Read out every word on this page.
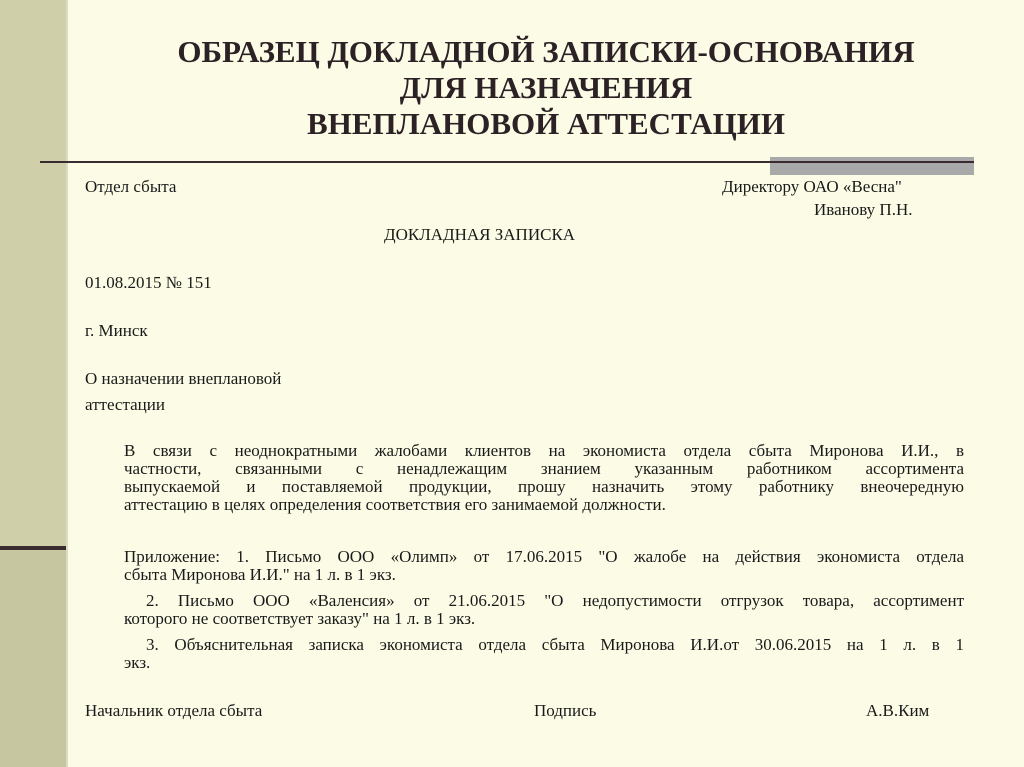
ОБРАЗЕЦ ДОКЛАДНОЙ ЗАПИСКИ-ОСНОВАНИЯ
ДЛЯ НАЗНАЧЕНИЯ
ВНЕПЛАНОВОЙ АТТЕСТАЦИИ
Отдел сбыта	Директору ОАО «Весна"
Иванову П.Н.
ДОКЛАДНАЯ ЗАПИСКА
01.08.2015 № 151
г. Минск
О назначении внеплановой
аттестации
В связи с неоднократными жалобами клиентов на экономиста отдела сбыта Миронова И.И., в
частности, связанными с ненадлежащим знанием указанным работником ассортимента
выпускаемой и поставляемой продукции, прошу назначить этому работнику внеочередную
аттестацию в целях определения соответствия его занимаемой должности.
Приложение: 1. Письмо ООО «Олимп» от 17.06.2015 "О жалобе на действия экономиста отдела
сбыта Миронова И.И." на 1 л. в 1 экз.
2. Письмо ООО «Валенсия» от 21.06.2015 "О недопустимости отгрузок товара, ассортимент
которого не соответствует заказу" на 1 л. в 1 экз.
3. Объяснительная записка экономиста отдела сбыта Миронова И.И.от 30.06.2015 на 1 л. в 1
экз.
Начальник отдела сбыта	Подпись	А.В.Ким
